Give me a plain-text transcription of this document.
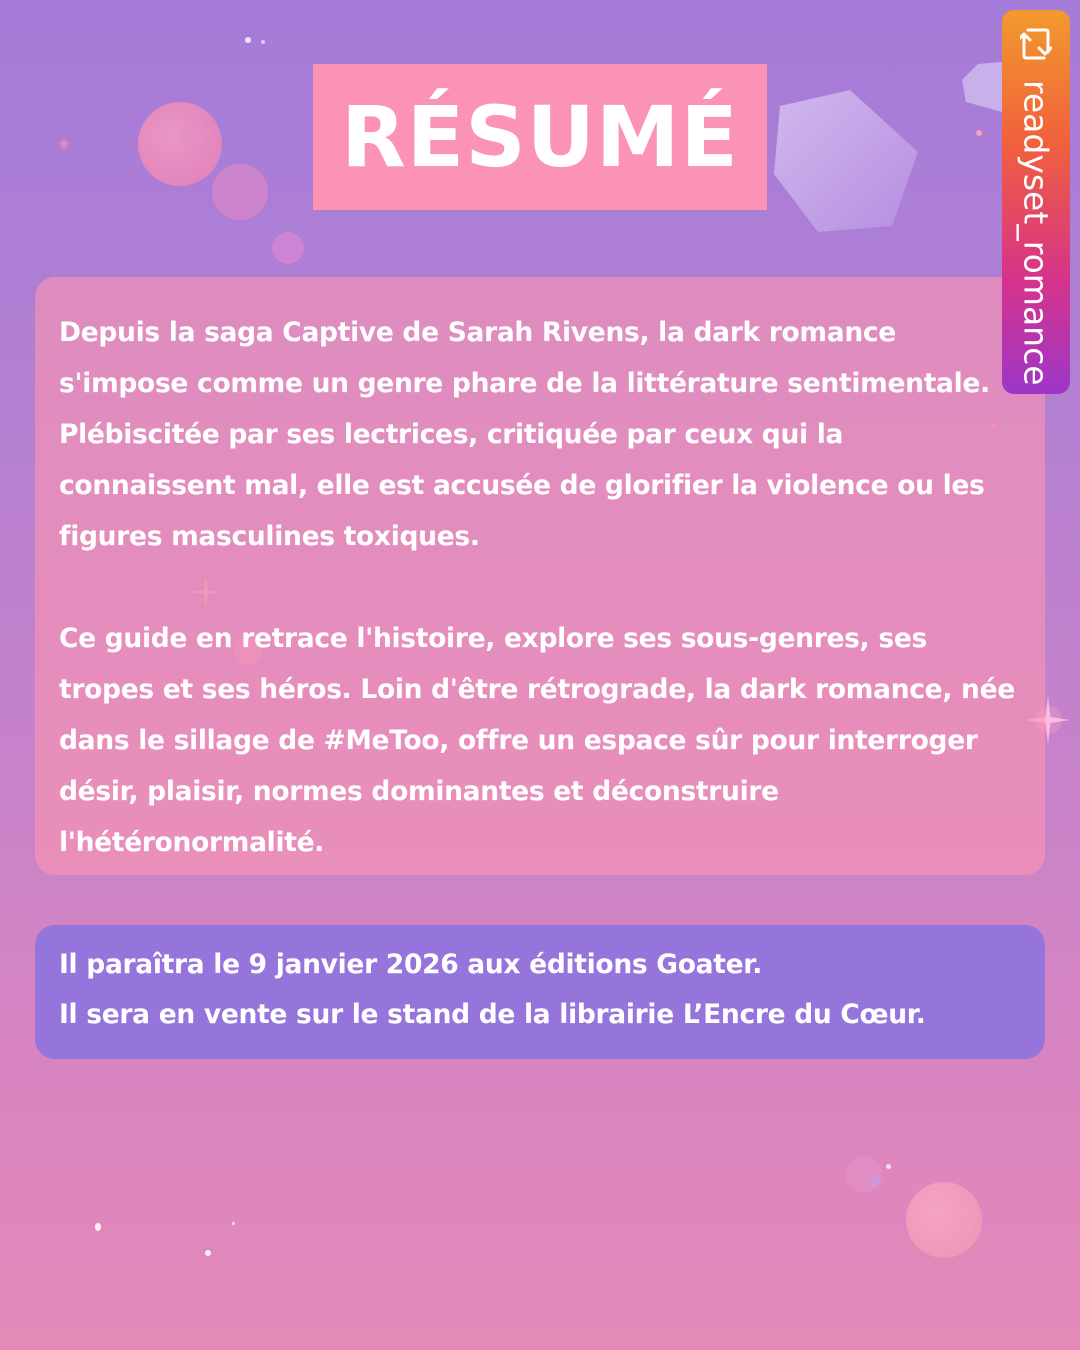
RÉSUMÉ

Depuis la saga Captive de Sarah Rivens, la dark romance s'impose comme un genre phare de la littérature sentimentale. Plébiscitée par ses lectrices, critiquée par ceux qui la connaissent mal, elle est accusée de glorifier la violence ou les figures masculines toxiques.

Ce guide en retrace l'histoire, explore ses sous-genres, ses tropes et ses héros. Loin d'être rétrograde, la dark romance, née dans le sillage de #MeToo, offre un espace sûr pour interroger désir, plaisir, normes dominantes et déconstruire l'hétéronormalité.

Il paraîtra le 9 janvier 2026 aux éditions Goater.

Il sera en vente sur le stand de la librairie L’Encre du Cœur.

readyset_romance
